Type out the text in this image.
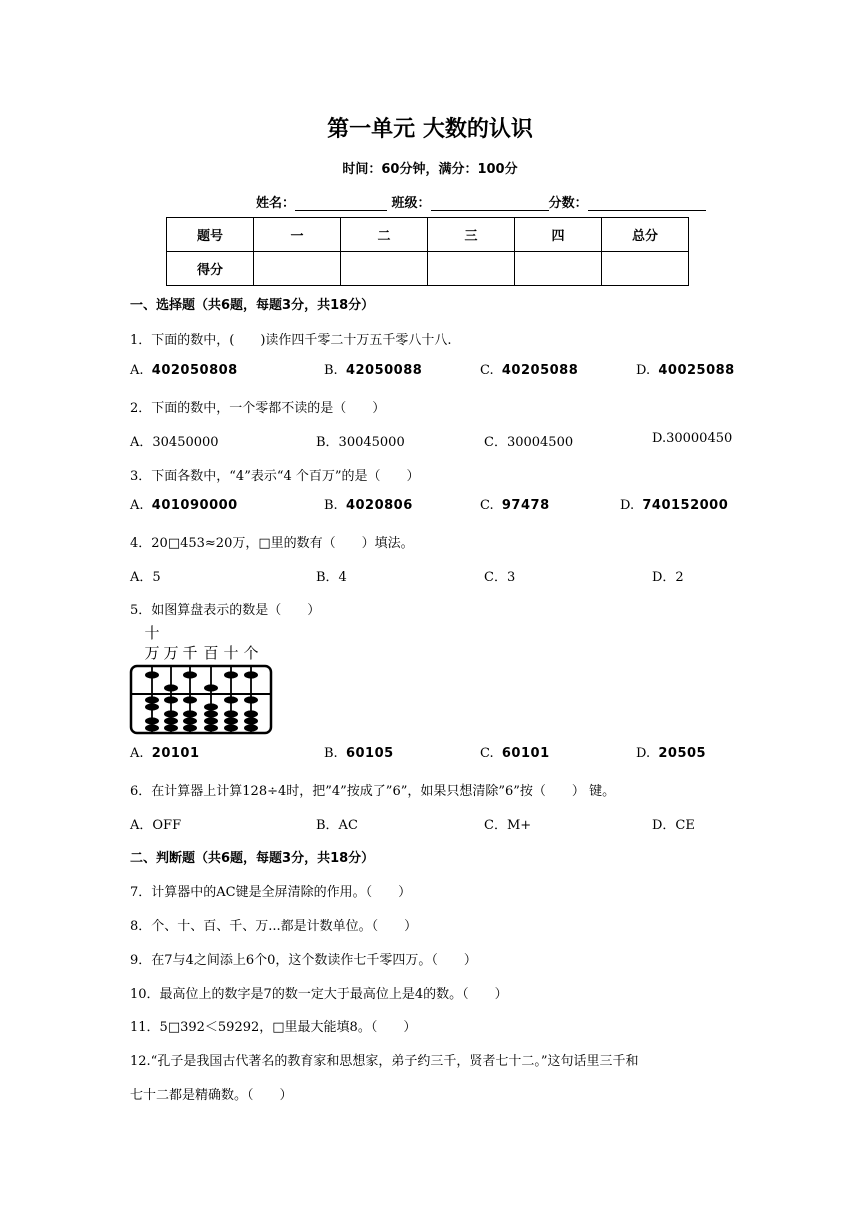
第一单元 大数的认识
时间：60分钟，满分：100分
姓名：	班级：	分数：
题号	一	二	三	四	总分
得分					
一、选择题（共6题，每题3分，共18分）
1．下面的数中，(　　)读作四千零二十万五千零八十八.
A. 402050808	B. 42050088	C. 40205088	D. 40025088
2．下面的数中，一个零都不读的是（　　）
A．30450000	B．30045000	C．30004500	D.30000450
3．下面各数中，“4”表示“4 个百万”的是（　　）
A. 401090000	B. 4020806	C. 97478	D. 740152000
4．20□453≈20万，□里的数有（　　）填法。
A．5	B．4	C．3	D．2
5．如图算盘表示的数是（　　）
十
万 万 千 百 十 个
A. 20101	B. 60105	C. 60101	D. 20505
6．在计算器上计算128÷4时，把”4”按成了”6”，如果只想清除”6”按（　　） 键。
A．OFF	B．AC	C．M+	D．CE
二、判断题（共6题，每题3分，共18分）
7．计算器中的AC键是全屏清除的作用。（　　）
8．个、十、百、千、万...都是计数单位。（　　）
9．在7与4之间添上6个0，这个数读作七千零四万。（　　）
10．最高位上的数字是7的数一定大于最高位上是4的数。（　　）
11．5□392＜59292，□里最大能填8。（　　）
12.“孔子是我国古代著名的教育家和思想家，弟子约三千，贤者七十二。”这句话里三千和
七十二都是精确数。（　　）
